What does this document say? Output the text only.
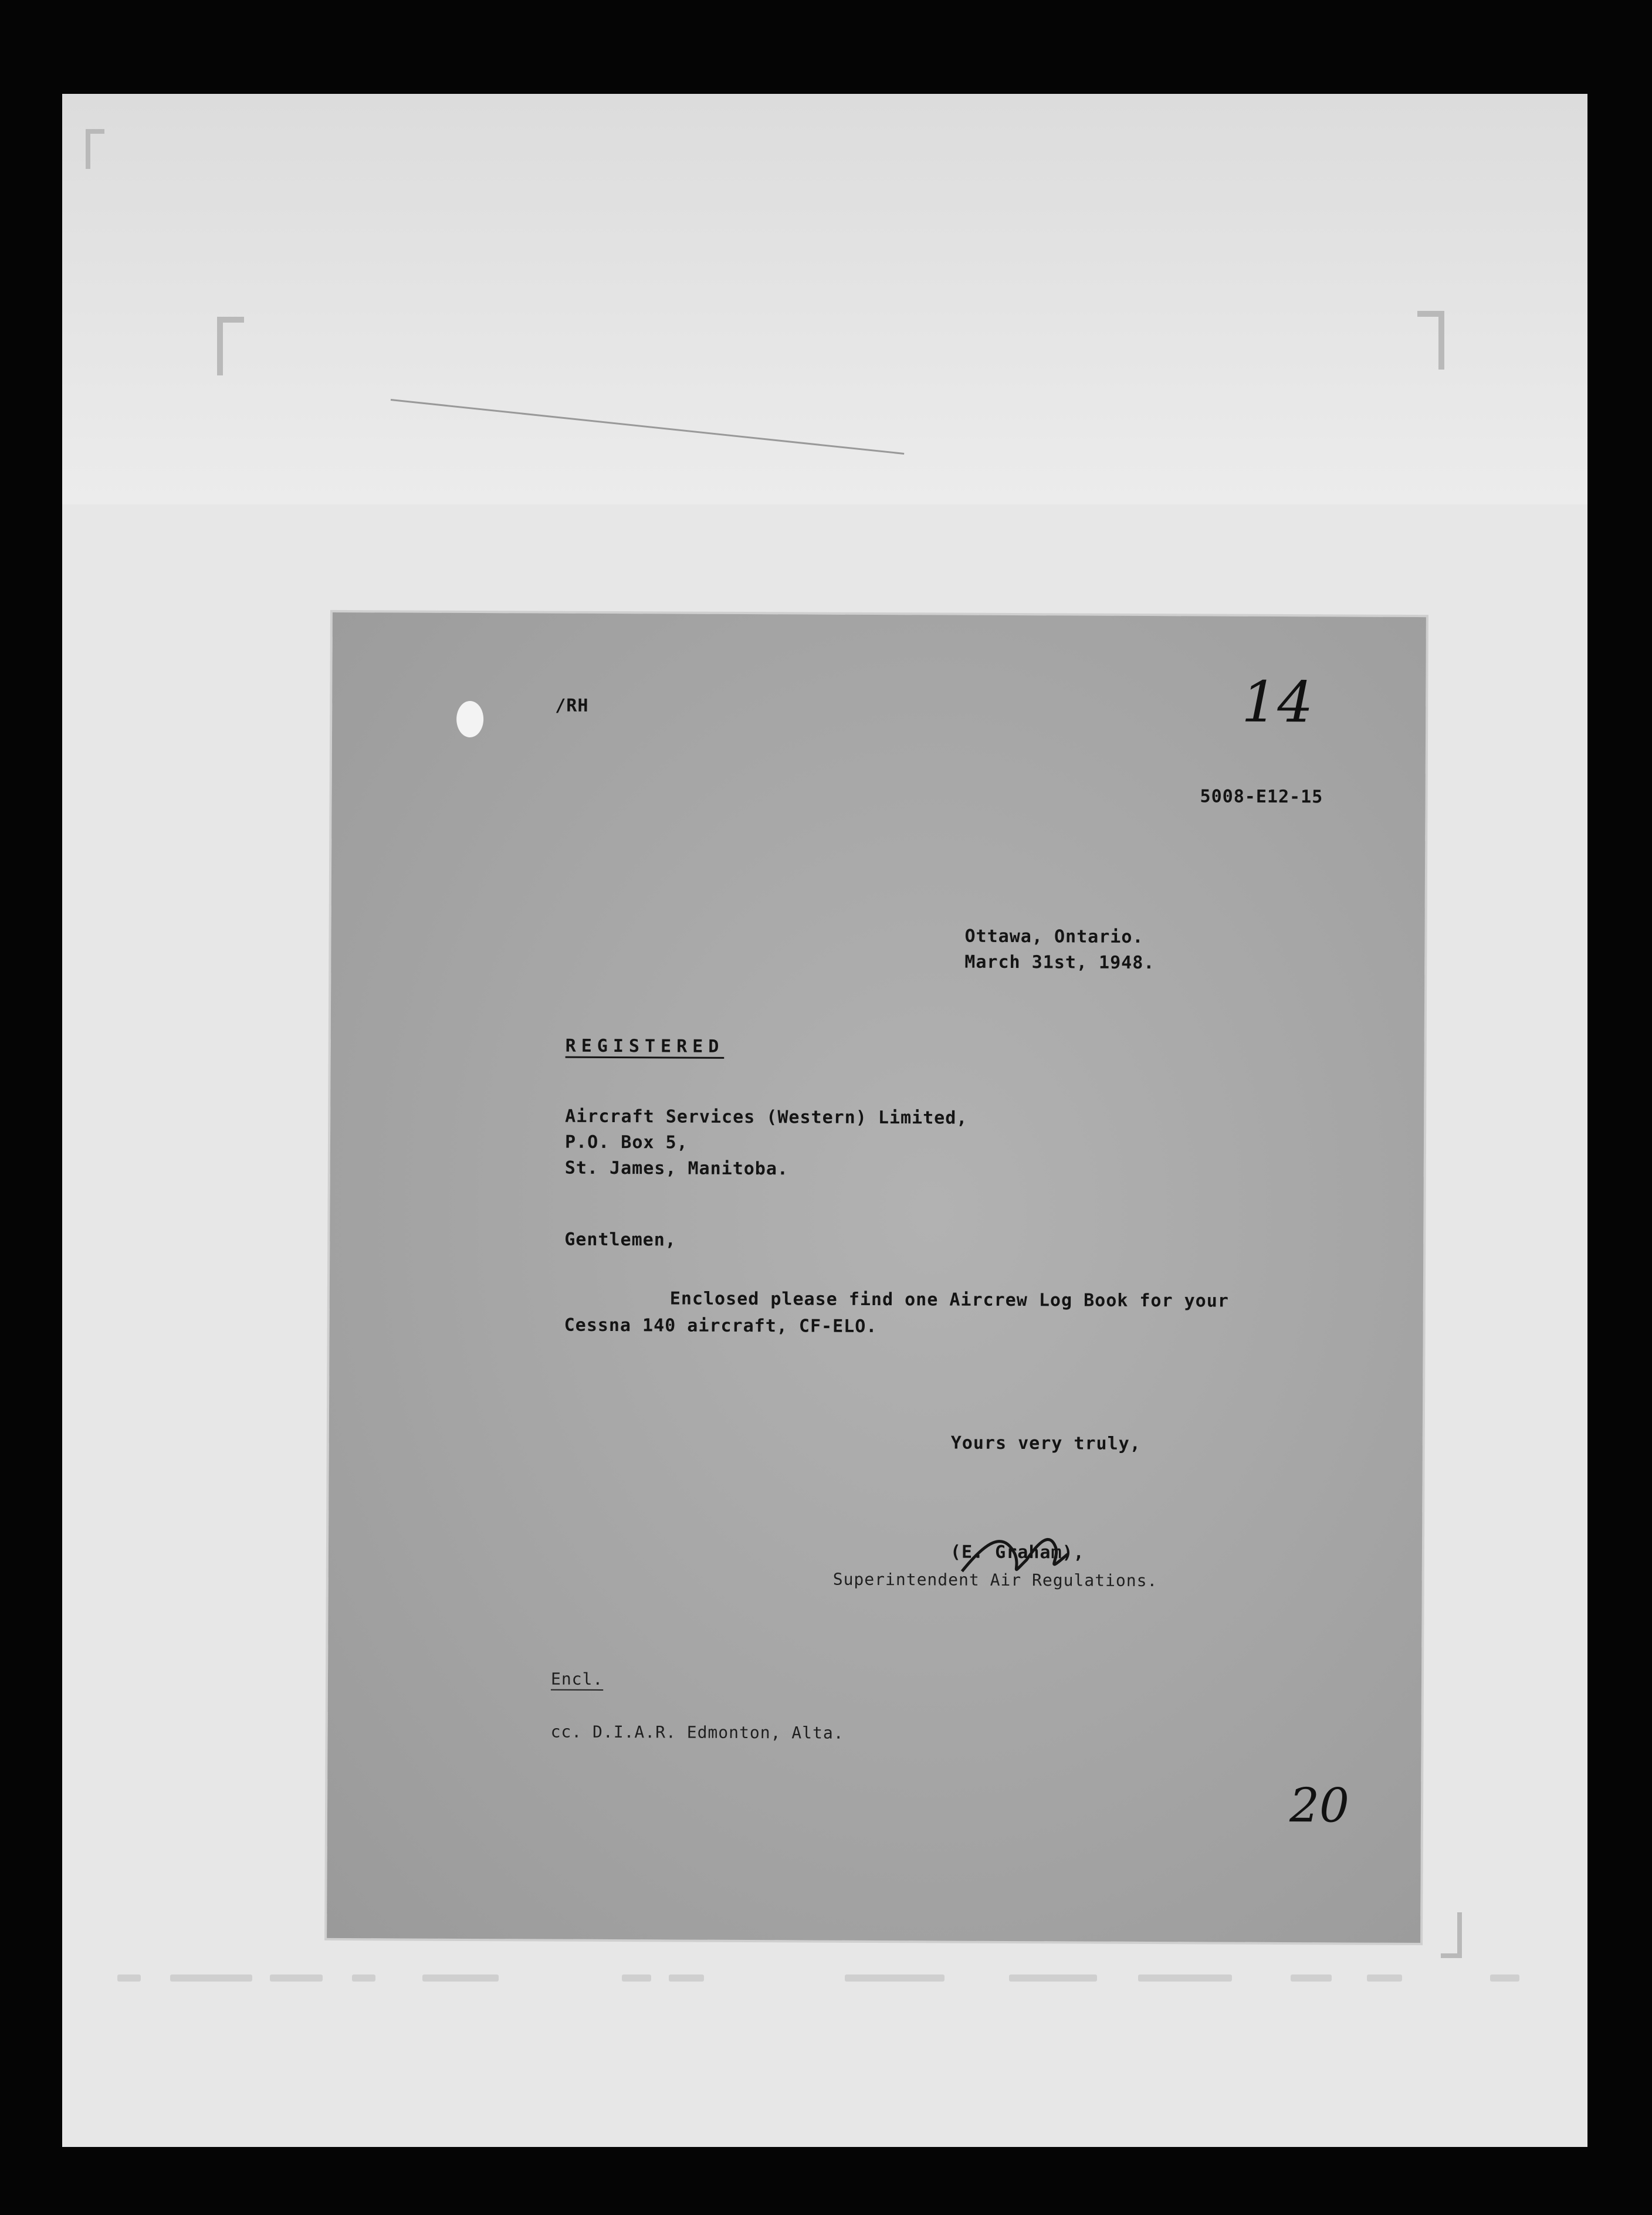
/RH	14
5008-E12-15
Ottawa, Ontario.
March 31st, 1948.
REGISTERED
Aircraft Services (Western) Limited,
P.O. Box 5,
St. James, Manitoba.
Gentlemen,
Enclosed please find one Aircrew Log Book for your
Cessna 140 aircraft, CF-ELO.
Yours very truly,
(E. Graham),
Superintendent Air Regulations.
Encl.
cc. D.I.A.R. Edmonton, Alta.
20
